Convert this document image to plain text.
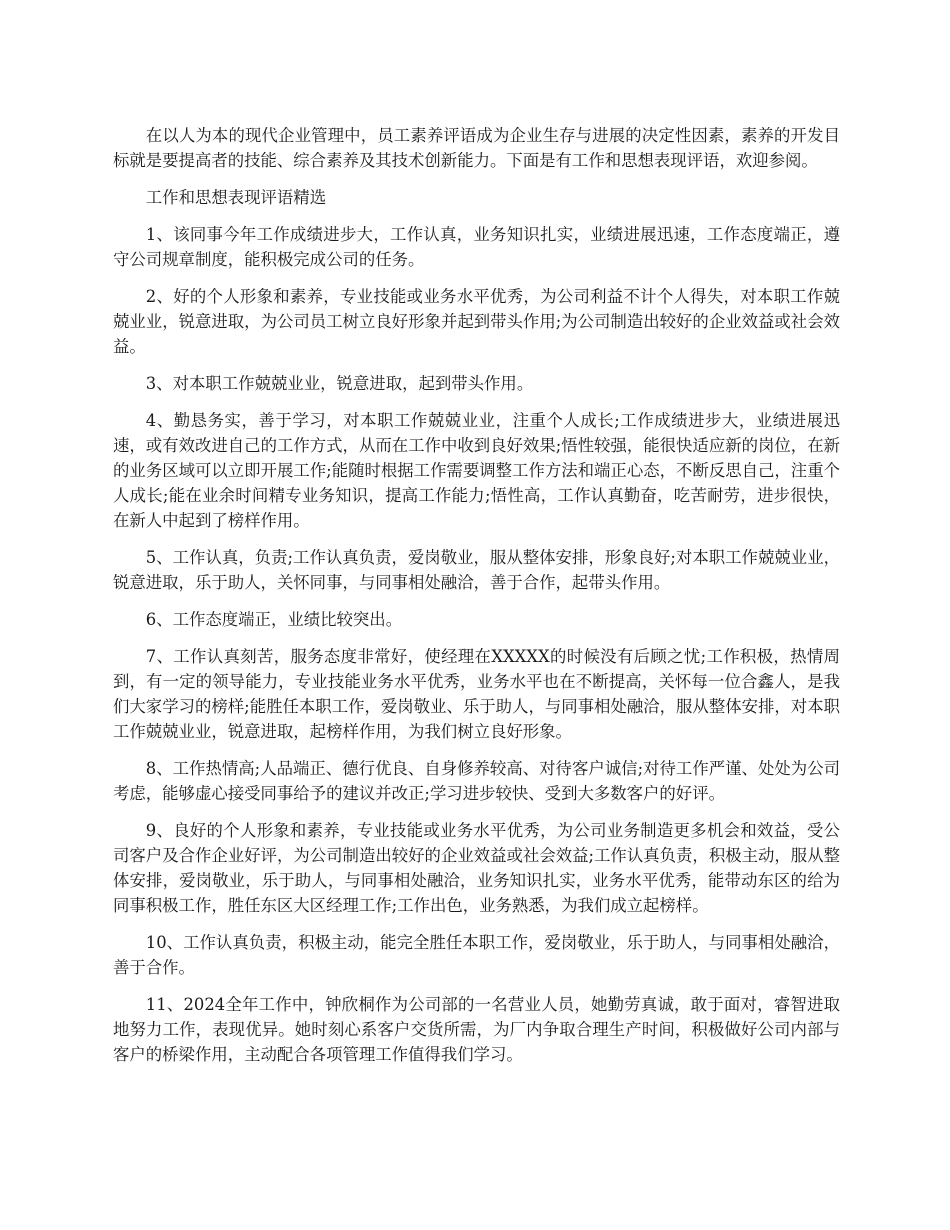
在以人为本的现代企业管理中，员工素养评语成为企业生存与进展的决定性因素，素养的开发目标就是要提高者的技能、综合素养及其技术创新能力。下面是有工作和思想表现评语，欢迎参阅。

工作和思想表现评语精选

1、该同事今年工作成绩进步大，工作认真，业务知识扎实，业绩进展迅速，工作态度端正，遵守公司规章制度，能积极完成公司的任务。

2、好的个人形象和素养，专业技能或业务水平优秀，为公司利益不计个人得失，对本职工作兢兢业业，锐意进取，为公司员工树立良好形象并起到带头作用;为公司制造出较好的企业效益或社会效益。

3、对本职工作兢兢业业，锐意进取，起到带头作用。

4、勤恳务实，善于学习，对本职工作兢兢业业，注重个人成长;工作成绩进步大，业绩进展迅速，或有效改进自己的工作方式，从而在工作中收到良好效果;悟性较强，能很快适应新的岗位，在新的业务区域可以立即开展工作;能随时根据工作需要调整工作方法和端正心态，不断反思自己，注重个人成长;能在业余时间精专业务知识，提高工作能力;悟性高，工作认真勤奋，吃苦耐劳，进步很快，在新人中起到了榜样作用。

5、工作认真，负责;工作认真负责，爱岗敬业，服从整体安排，形象良好;对本职工作兢兢业业，锐意进取，乐于助人，关怀同事，与同事相处融洽，善于合作，起带头作用。

6、工作态度端正，业绩比较突出。

7、工作认真刻苦，服务态度非常好，使经理在XXXXX的时候没有后顾之忧;工作积极，热情周到，有一定的领导能力，专业技能业务水平优秀，业务水平也在不断提高，关怀每一位合鑫人，是我们大家学习的榜样;能胜任本职工作，爱岗敬业、乐于助人，与同事相处融洽，服从整体安排，对本职工作兢兢业业，锐意进取，起榜样作用，为我们树立良好形象。

8、工作热情高;人品端正、德行优良、自身修养较高、对待客户诚信;对待工作严谨、处处为公司考虑，能够虚心接受同事给予的建议并改正;学习进步较快、受到大多数客户的好评。

9、良好的个人形象和素养，专业技能或业务水平优秀，为公司业务制造更多机会和效益，受公司客户及合作企业好评，为公司制造出较好的企业效益或社会效益;工作认真负责，积极主动，服从整体安排，爱岗敬业，乐于助人，与同事相处融洽，业务知识扎实，业务水平优秀，能带动东区的给为同事积极工作，胜任东区大区经理工作;工作出色，业务熟悉，为我们成立起榜样。

10、工作认真负责，积极主动，能完全胜任本职工作，爱岗敬业，乐于助人，与同事相处融洽，善于合作。

11、2024全年工作中，钟欣桐作为公司部的一名营业人员，她勤劳真诚，敢于面对，睿智进取地努力工作，表现优异。她时刻心系客户交货所需，为厂内争取合理生产时间，积极做好公司内部与客户的桥梁作用，主动配合各项管理工作值得我们学习。
